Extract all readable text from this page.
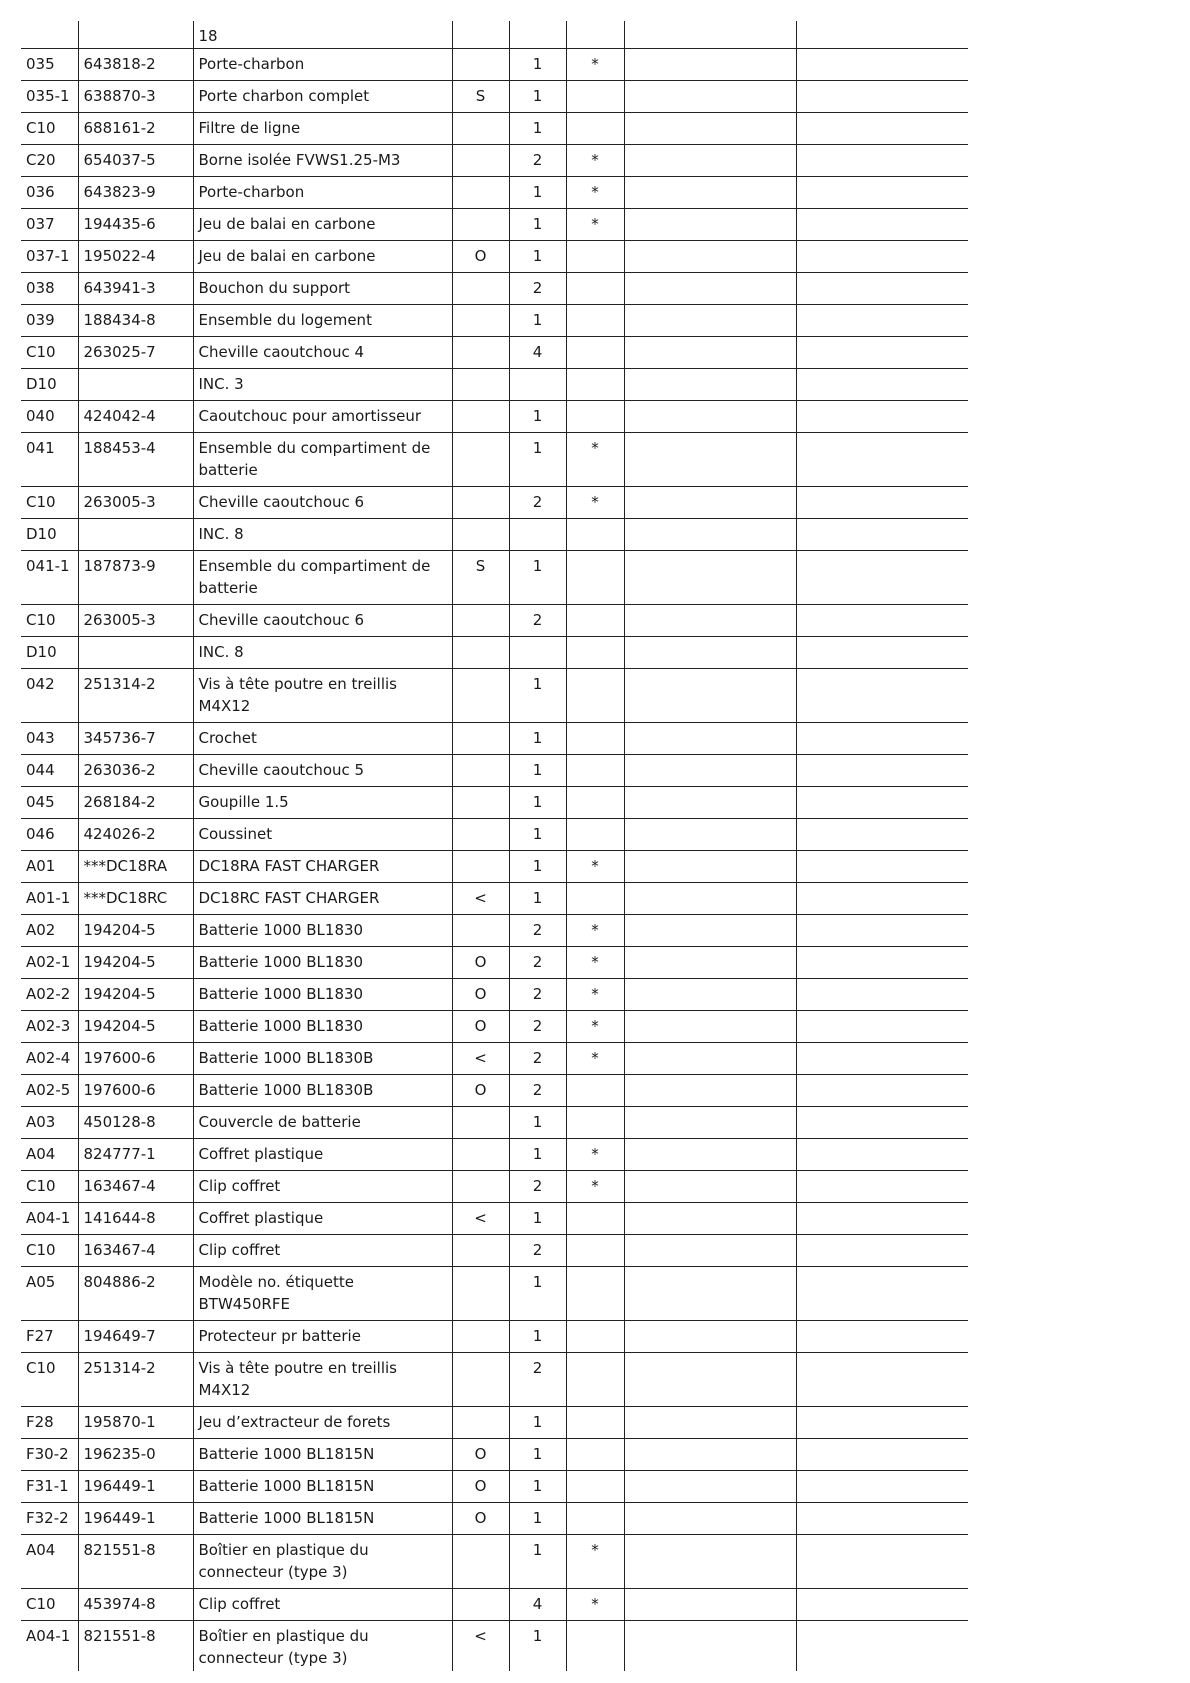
		18					
035	643818-2	Porte-charbon		1	*		
035-1	638870-3	Porte charbon complet	S	1			
C10	688161-2	Filtre de ligne		1			
C20	654037-5	Borne isolée FVWS1.25-M3		2	*		
036	643823-9	Porte-charbon		1	*		
037	194435-6	Jeu de balai en carbone		1	*		
037-1	195022-4	Jeu de balai en carbone	O	1			
038	643941-3	Bouchon du support		2			
039	188434-8	Ensemble du logement		1			
C10	263025-7	Cheville caoutchouc 4		4			
D10		INC. 3					
040	424042-4	Caoutchouc pour amortisseur		1			
041	188453-4	Ensemble du compartiment de batterie		1	*		
C10	263005-3	Cheville caoutchouc 6		2	*		
D10		INC. 8					
041-1	187873-9	Ensemble du compartiment de batterie	S	1			
C10	263005-3	Cheville caoutchouc 6		2			
D10		INC. 8					
042	251314-2	Vis à tête poutre en treillis M4X12		1			
043	345736-7	Crochet		1			
044	263036-2	Cheville caoutchouc 5		1			
045	268184-2	Goupille 1.5		1			
046	424026-2	Coussinet		1			
A01	***DC18RA	DC18RA FAST CHARGER		1	*		
A01-1	***DC18RC	DC18RC FAST CHARGER	<	1			
A02	194204-5	Batterie 1000 BL1830		2	*		
A02-1	194204-5	Batterie 1000 BL1830	O	2	*		
A02-2	194204-5	Batterie 1000 BL1830	O	2	*		
A02-3	194204-5	Batterie 1000 BL1830	O	2	*		
A02-4	197600-6	Batterie 1000 BL1830B	<	2	*		
A02-5	197600-6	Batterie 1000 BL1830B	O	2			
A03	450128-8	Couvercle de batterie		1			
A04	824777-1	Coffret plastique		1	*		
C10	163467-4	Clip coffret		2	*		
A04-1	141644-8	Coffret plastique	<	1			
C10	163467-4	Clip coffret		2			
A05	804886-2	Modèle no. étiquette BTW450RFE		1			
F27	194649-7	Protecteur pr batterie		1			
C10	251314-2	Vis à tête poutre en treillis M4X12		2			
F28	195870-1	Jeu d’extracteur de forets		1			
F30-2	196235-0	Batterie 1000 BL1815N	O	1			
F31-1	196449-1	Batterie 1000 BL1815N	O	1			
F32-2	196449-1	Batterie 1000 BL1815N	O	1			
A04	821551-8	Boîtier en plastique du connecteur (type 3)		1	*		
C10	453974-8	Clip coffret		4	*		
A04-1	821551-8	Boîtier en plastique du connecteur (type 3)	<	1			
